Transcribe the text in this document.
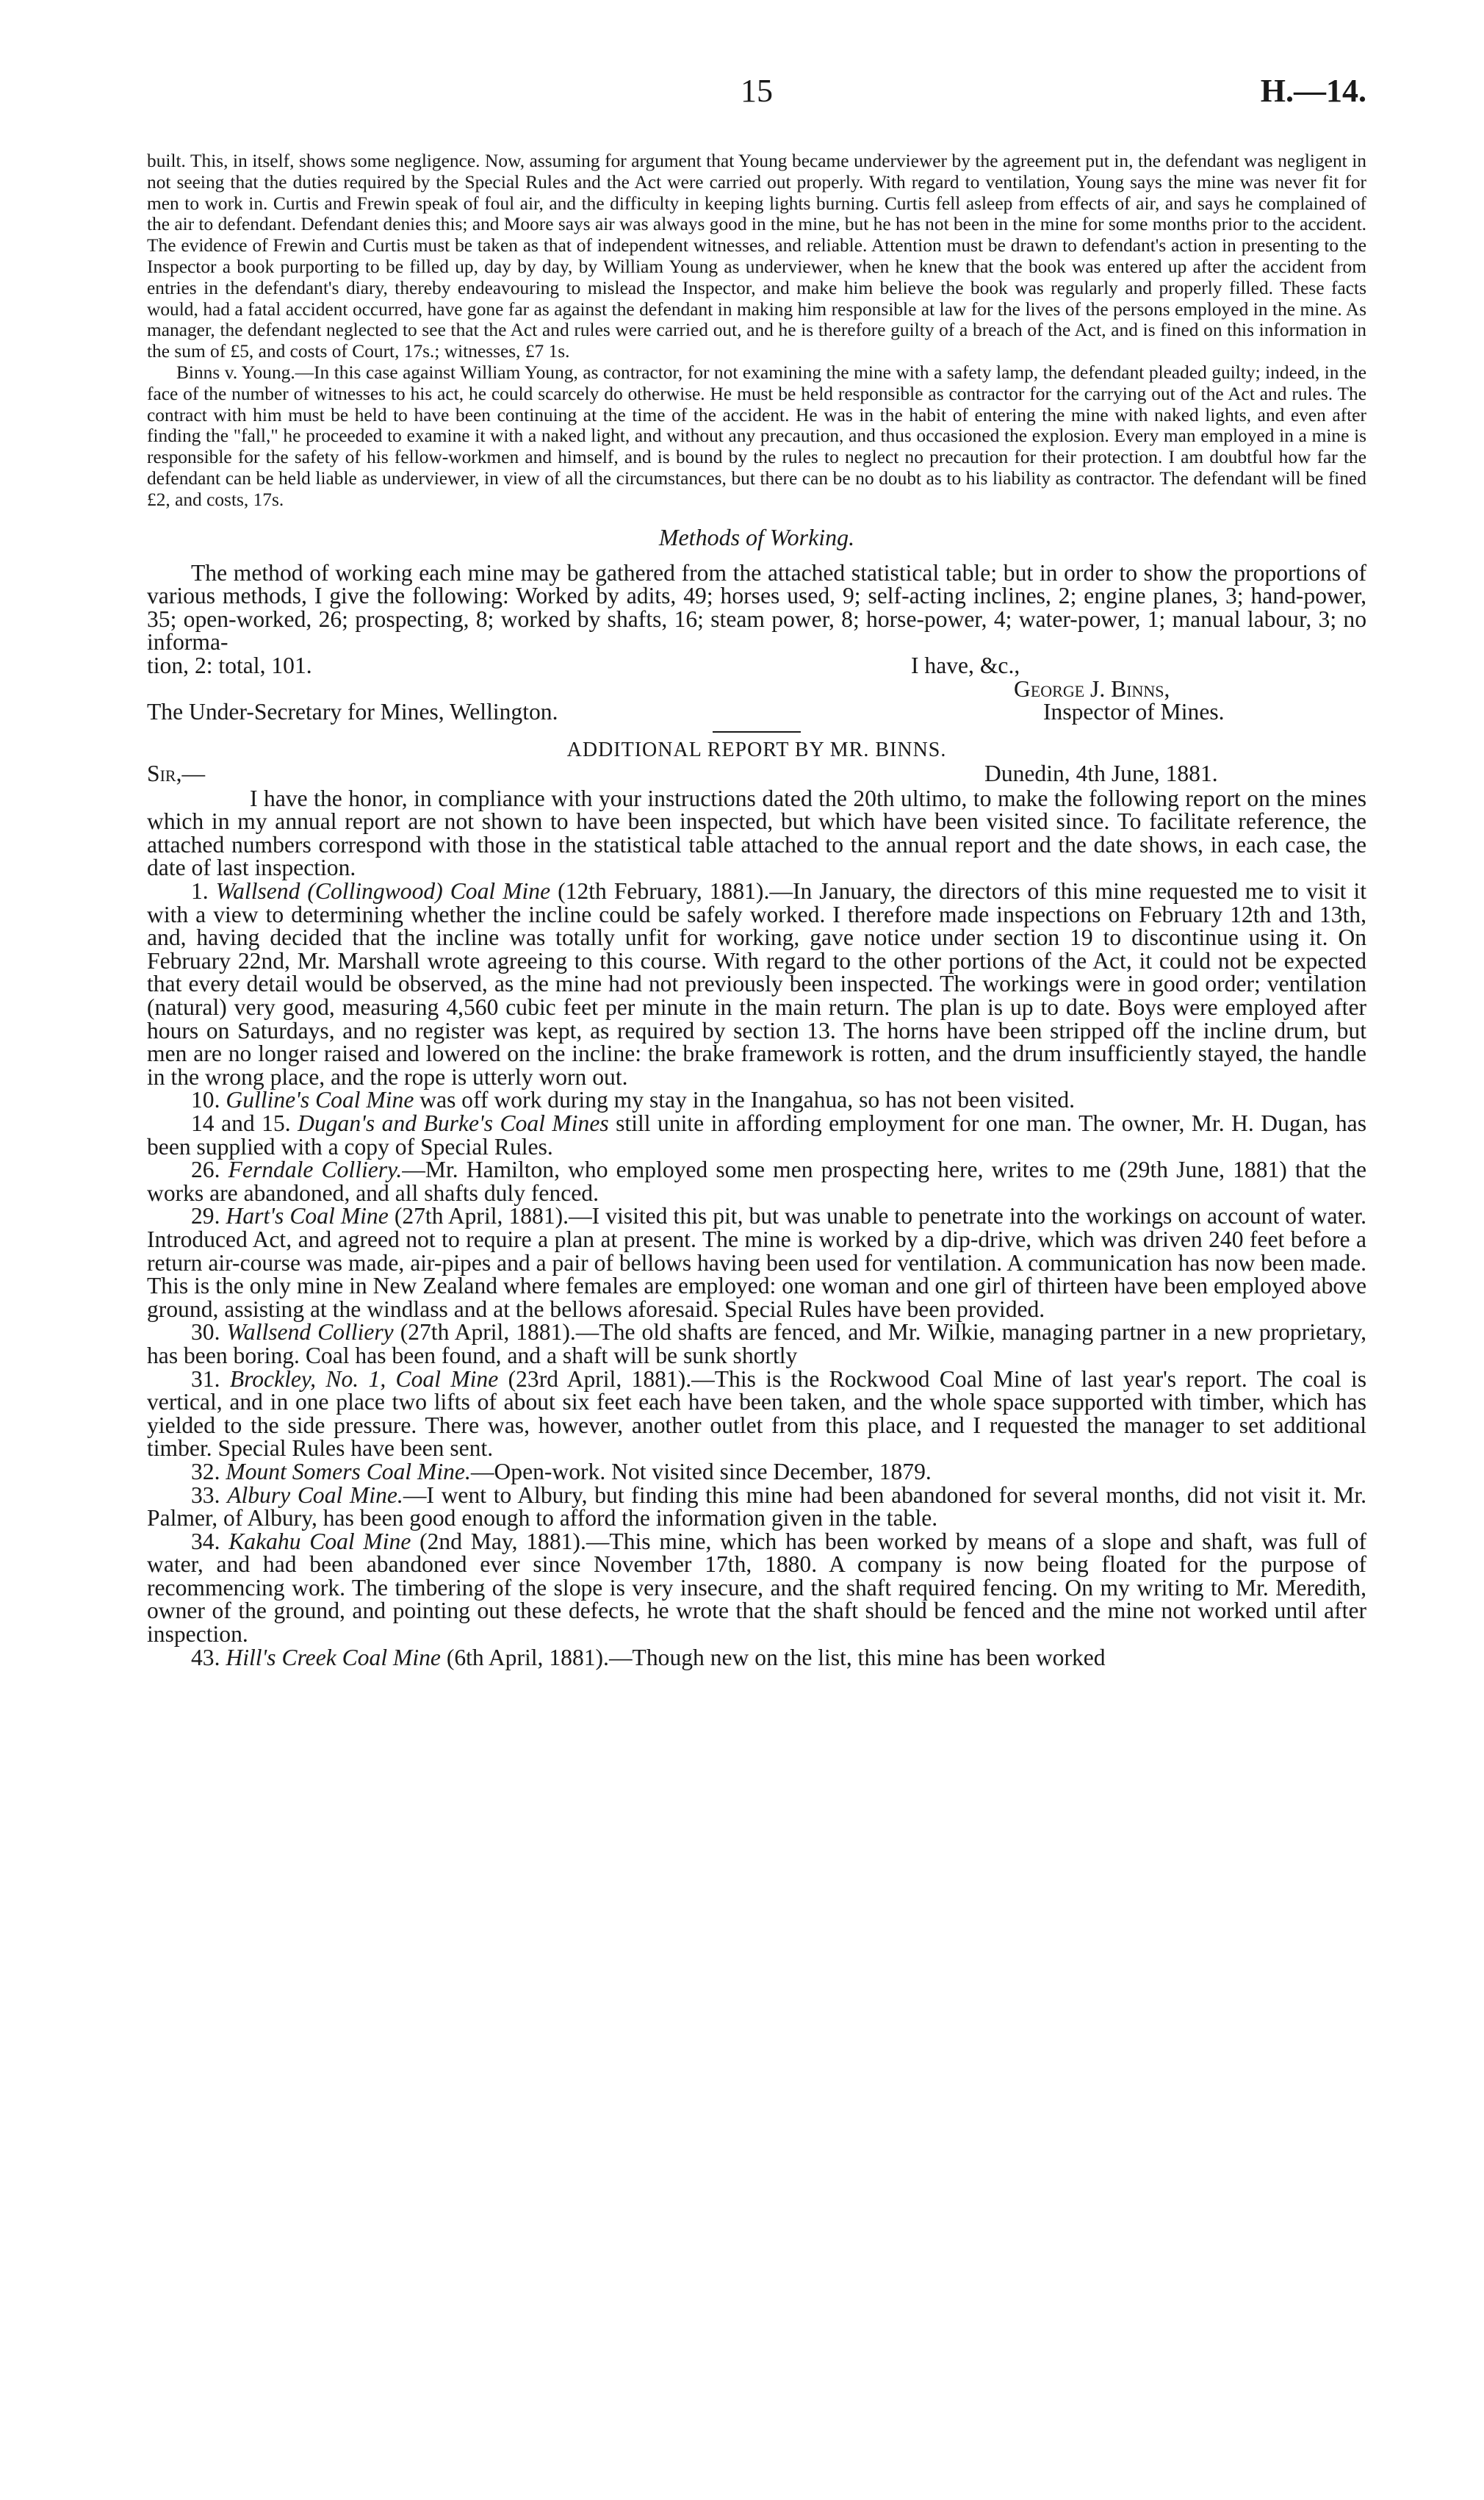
15	H.—14.

built. This, in itself, shows some negligence. Now, assuming for argument that Young became underviewer by the agreement put in, the defendant was negligent in not seeing that the duties required by the Special Rules and the Act were carried out properly. With regard to ventilation, Young says the mine was never fit for men to work in. Curtis and Frewin speak of foul air, and the difficulty in keeping lights burning. Curtis fell asleep from effects of air, and says he complained of the air to defendant. Defendant denies this; and Moore says air was always good in the mine, but he has not been in the mine for some months prior to the accident. The evidence of Frewin and Curtis must be taken as that of independent witnesses, and reliable. Attention must be drawn to defendant's action in presenting to the Inspector a book purporting to be filled up, day by day, by William Young as underviewer, when he knew that the book was entered up after the accident from entries in the defendant's diary, thereby endeavouring to mislead the Inspector, and make him believe the book was regularly and properly filled. These facts would, had a fatal accident occurred, have gone far as against the defendant in making him responsible at law for the lives of the persons employed in the mine. As manager, the defendant neglected to see that the Act and rules were carried out, and he is therefore guilty of a breach of the Act, and is fined on this information in the sum of £5, and costs of Court, 17s.; witnesses, £7 1s.

Binns v. Young.—In this case against William Young, as contractor, for not examining the mine with a safety lamp, the defendant pleaded guilty; indeed, in the face of the number of witnesses to his act, he could scarcely do otherwise. He must be held responsible as contractor for the carrying out of the Act and rules. The contract with him must be held to have been continuing at the time of the accident. He was in the habit of entering the mine with naked lights, and even after finding the "fall," he proceeded to examine it with a naked light, and without any precaution, and thus occasioned the explosion. Every man employed in a mine is responsible for the safety of his fellow-workmen and himself, and is bound by the rules to neglect no precaution for their protection. I am doubtful how far the defendant can be held liable as underviewer, in view of all the circumstances, but there can be no doubt as to his liability as contractor. The defendant will be fined £2, and costs, 17s.

Methods of Working.

The method of working each mine may be gathered from the attached statistical table; but in order to show the proportions of various methods, I give the following: Worked by adits, 49; horses used, 9; self-acting inclines, 2; engine planes, 3; hand-power, 35; open-worked, 26; prospecting, 8; worked by shafts, 16; steam power, 8; horse-power, 4; water-power, 1; manual labour, 3; no informa-

tion, 2: total, 101.	I have, &c.,
George J. Binns,
The Under-Secretary for Mines, Wellington.	Inspector of Mines.
ADDITIONAL REPORT BY MR. BINNS.
Sir,—	Dunedin, 4th June, 1881.

I have the honor, in compliance with your instructions dated the 20th ultimo, to make the following report on the mines which in my annual report are not shown to have been inspected, but which have been visited since. To facilitate reference, the attached numbers correspond with those in the statistical table attached to the annual report and the date shows, in each case, the date of last inspection.

1. Wallsend (Collingwood) Coal Mine (12th February, 1881).—In January, the directors of this mine requested me to visit it with a view to determining whether the incline could be safely worked. I therefore made inspections on February 12th and 13th, and, having decided that the incline was totally unfit for working, gave notice under section 19 to discontinue using it. On February 22nd, Mr. Marshall wrote agreeing to this course. With regard to the other portions of the Act, it could not be expected that every detail would be observed, as the mine had not previously been inspected. The workings were in good order; ventilation (natural) very good, measuring 4,560 cubic feet per minute in the main return. The plan is up to date. Boys were employed after hours on Saturdays, and no register was kept, as required by section 13. The horns have been stripped off the incline drum, but men are no longer raised and lowered on the incline: the brake framework is rotten, and the drum insufficiently stayed, the handle in the wrong place, and the rope is utterly worn out.

10. Gulline's Coal Mine was off work during my stay in the Inangahua, so has not been visited.

14 and 15. Dugan's and Burke's Coal Mines still unite in affording employment for one man. The owner, Mr. H. Dugan, has been supplied with a copy of Special Rules.

26. Ferndale Colliery.—Mr. Hamilton, who employed some men prospecting here, writes to me (29th June, 1881) that the works are abandoned, and all shafts duly fenced.

29. Hart's Coal Mine (27th April, 1881).—I visited this pit, but was unable to penetrate into the workings on account of water. Introduced Act, and agreed not to require a plan at present. The mine is worked by a dip-drive, which was driven 240 feet before a return air-course was made, air-pipes and a pair of bellows having been used for ventilation. A communication has now been made. This is the only mine in New Zealand where females are employed: one woman and one girl of thirteen have been employed above ground, assisting at the windlass and at the bellows aforesaid. Special Rules have been provided.

30. Wallsend Colliery (27th April, 1881).—The old shafts are fenced, and Mr. Wilkie, managing partner in a new proprietary, has been boring. Coal has been found, and a shaft will be sunk shortly

31. Brockley, No. 1, Coal Mine (23rd April, 1881).—This is the Rockwood Coal Mine of last year's report. The coal is vertical, and in one place two lifts of about six feet each have been taken, and the whole space supported with timber, which has yielded to the side pressure. There was, however, another outlet from this place, and I requested the manager to set additional timber. Special Rules have been sent.

32. Mount Somers Coal Mine.—Open-work. Not visited since December, 1879.

33. Albury Coal Mine.—I went to Albury, but finding this mine had been abandoned for several months, did not visit it. Mr. Palmer, of Albury, has been good enough to afford the information given in the table.

34. Kakahu Coal Mine (2nd May, 1881).—This mine, which has been worked by means of a slope and shaft, was full of water, and had been abandoned ever since November 17th, 1880. A company is now being floated for the purpose of recommencing work. The timbering of the slope is very insecure, and the shaft required fencing. On my writing to Mr. Meredith, owner of the ground, and pointing out these defects, he wrote that the shaft should be fenced and the mine not worked until after inspection.

43. Hill's Creek Coal Mine (6th April, 1881).—Though new on the list, this mine has been worked
